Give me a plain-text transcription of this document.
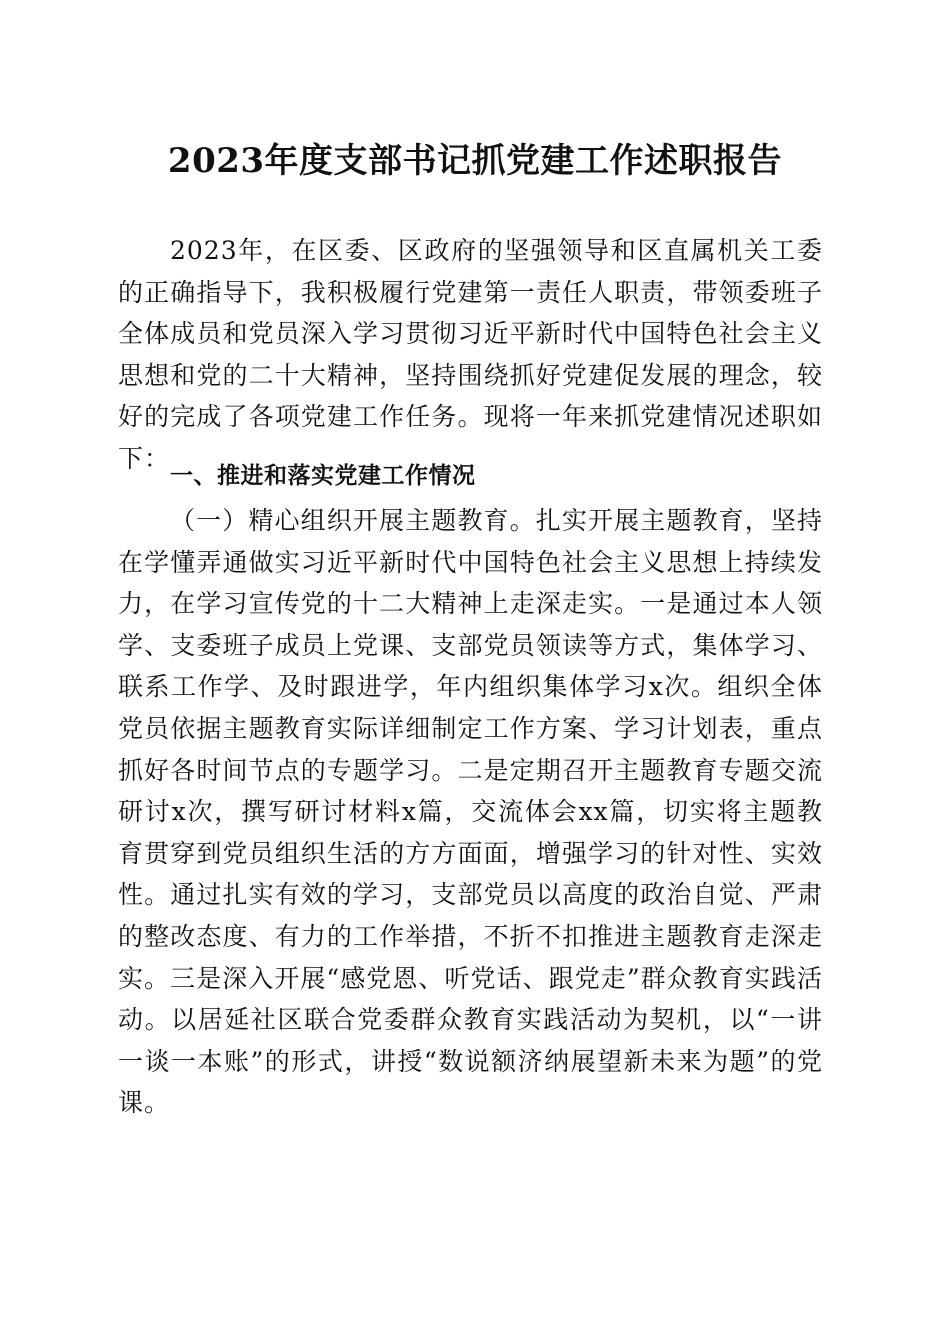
2023年度支部书记抓党建工作述职报告
2023年，在区委、区政府的坚强领导和区直属机关工委的正确指导下，我积极履行党建第一责任人职责，带领委班子全体成员和党员深入学习贯彻习近平新时代中国特色社会主义思想和党的二十大精神，坚持围绕抓好党建促发展的理念，较好的完成了各项党建工作任务。现将一年来抓党建情况述职如下：
一、推进和落实党建工作情况
（一）精心组织开展主题教育。扎实开展主题教育，坚持在学懂弄通做实习近平新时代中国特色社会主义思想上持续发力，在学习宣传党的十二大精神上走深走实。一是通过本人领学、支委班子成员上党课、支部党员领读等方式，集体学习、联系工作学、及时跟进学，年内组织集体学习x次。组织全体党员依据主题教育实际详细制定工作方案、学习计划表，重点抓好各时间节点的专题学习。二是定期召开主题教育专题交流研讨x次，撰写研讨材料x篇，交流体会xx篇，切实将主题教育贯穿到党员组织生活的方方面面，增强学习的针对性、实效性。通过扎实有效的学习，支部党员以高度的政治自觉、严肃的整改态度、有力的工作举措，不折不扣推进主题教育走深走实。三是深入开展“感党恩、听党话、跟党走”群众教育实践活动。以居延社区联合党委群众教育实践活动为契机，以“一讲一谈一本账”的形式，讲授“数说额济纳展望新未来为题”的党课。
